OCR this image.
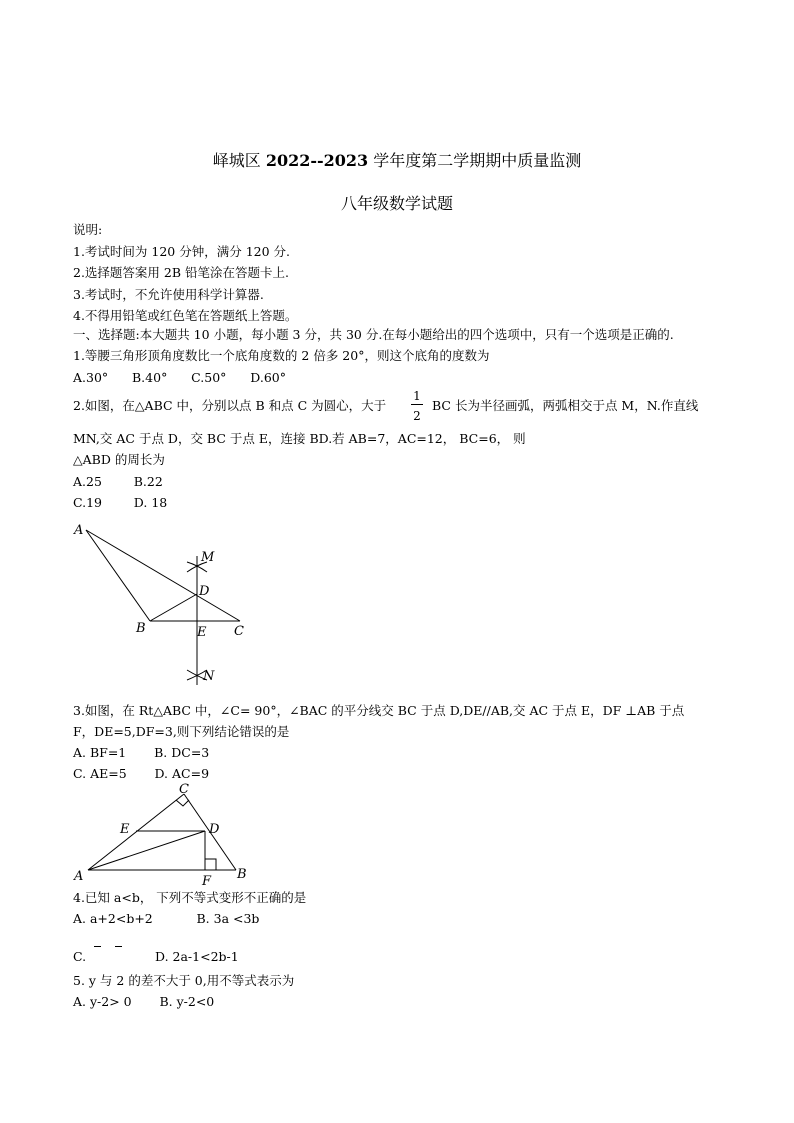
峄城区 2022--2023 学年度第二学期期中质量监测
八年级数学试题
说明:
1.考试时间为 120 分钟，满分 120 分.
2.选择题答案用 2B 铅笔涂在答题卡上.
3.考试时，不允许使用科学计算器.
4.不得用铅笔或红色笔在答题纸上答题。
一、选择题:本大题共 10 小题，每小题 3 分，共 30 分.在每小题给出的四个选项中，只有一个选项是正确的.
1.等腰三角形顶角度数比一个底角度数的 2 倍多 20°，则这个底角的度数为
A.30° B.40° C.50° D.60°
2.如图，在△ABC 中，分别以点 B 和点 C 为圆心，大于
1
2
BC 长为半径画弧，两弧相交于点 M，N.作直线
MN,交 AC 于点 D，交 BC 于点 E，连接 BD.若 AB=7，AC=12， BC=6， 则
△ABD 的周长为
A.25	B.22
C.19	D. 18
A
M
D
B	E C
N
3.如图，在 Rt△ABC 中，∠C= 90°，∠BAC 的平分线交 BC 于点 D,DE//AB,交 AC 于点 E，DF ⊥AB 于点
F，DE=5,DF=3,则下列结论错误的是
A. BF=1 B. DC=3
C. AE=5 D. AC=9
C
E	D
A	F B
4.已知 a<b， 下列不等式变形不正确的是
A. a+2<b+2	B. 3a <3b
C.	D. 2a-1<2b-1
5. y 与 2 的差不大于 0,用不等式表示为
A. y-2> 0 B. y-2<0
